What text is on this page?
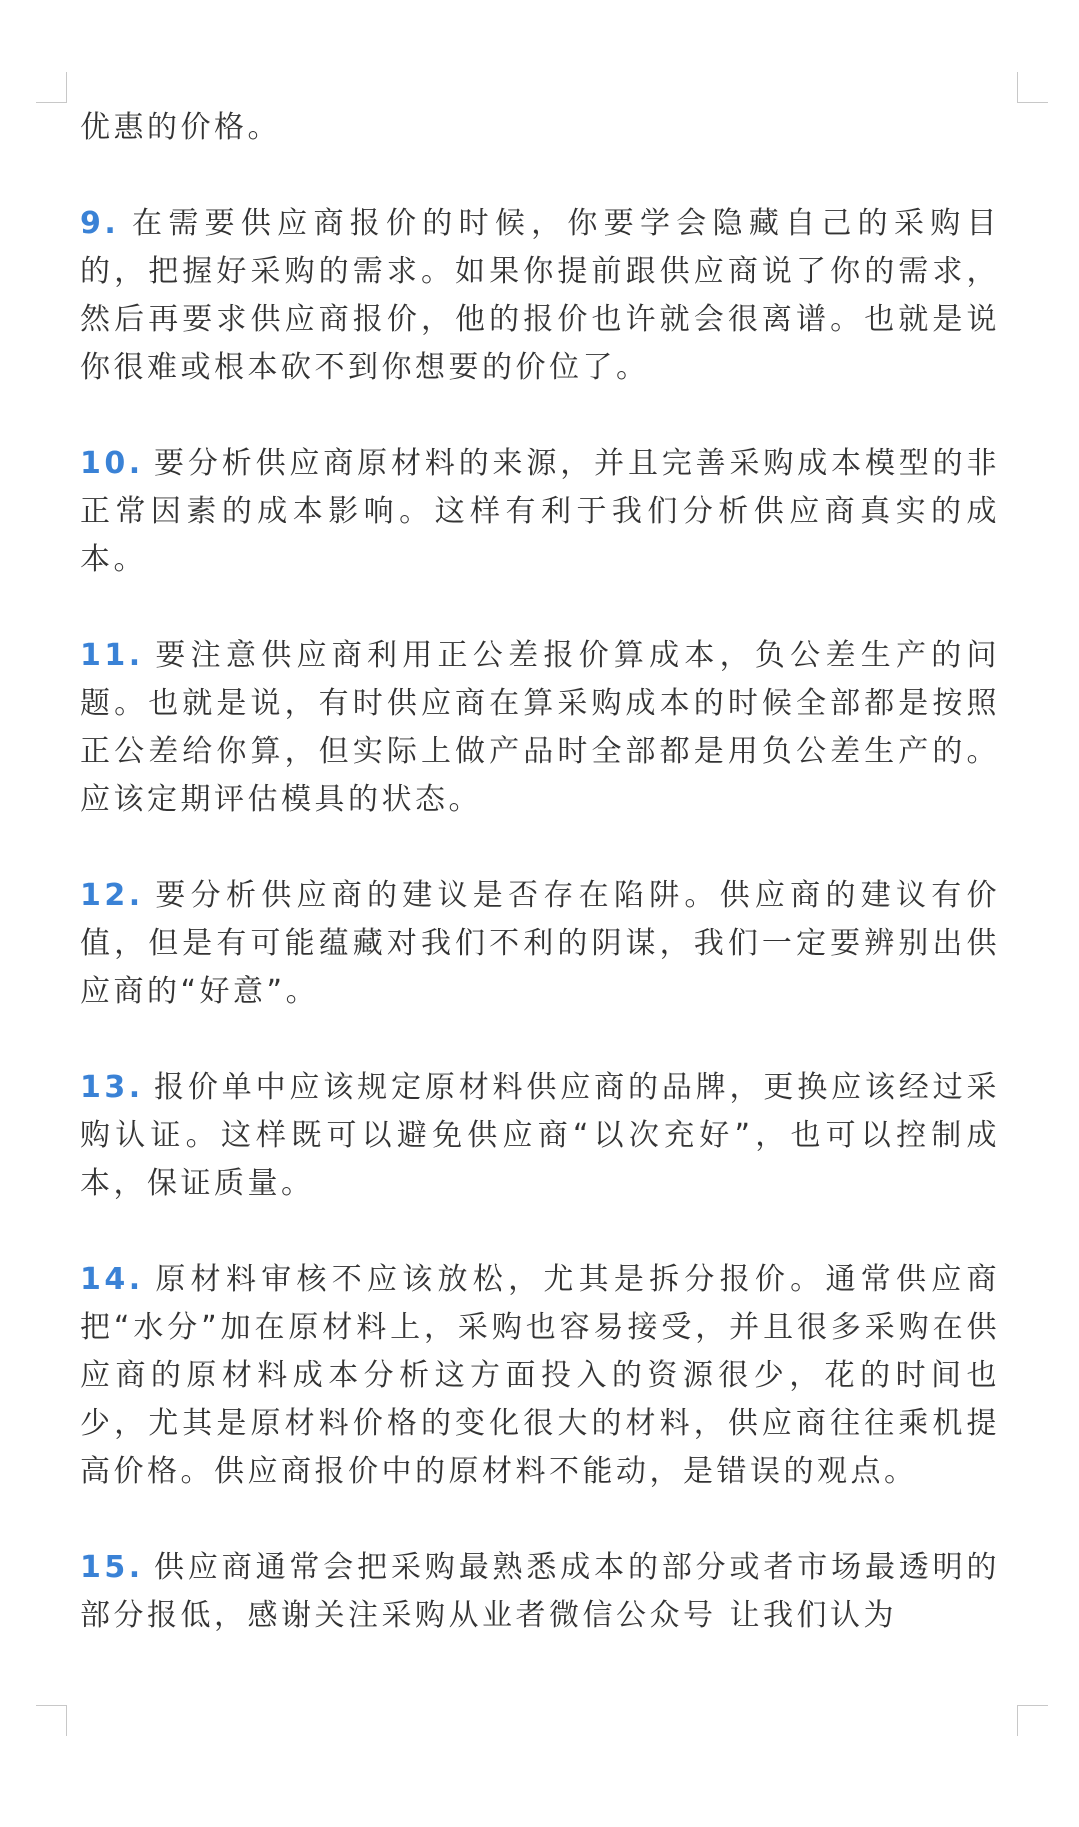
优惠的价格。

9. 在需要供应商报价的时候，你要学会隐藏自己的采购目的，把握好采购的需求。如果你提前跟供应商说了你的需求，然后再要求供应商报价，他的报价也许就会很离谱。也就是说你很难或根本砍不到你想要的价位了。

10. 要分析供应商原材料的来源，并且完善采购成本模型的非正常因素的成本影响。这样有利于我们分析供应商真实的成本。

11. 要注意供应商利用正公差报价算成本，负公差生产的问题。也就是说，有时供应商在算采购成本的时候全部都是按照正公差给你算，但实际上做产品时全部都是用负公差生产的。应该定期评估模具的状态。

12. 要分析供应商的建议是否存在陷阱。供应商的建议有价值，但是有可能蕴藏对我们不利的阴谋，我们一定要辨别出供应商的“好意”。

13. 报价单中应该规定原材料供应商的品牌，更换应该经过采购认证。这样既可以避免供应商“以次充好”，也可以控制成本，保证质量。

14. 原材料审核不应该放松，尤其是拆分报价。通常供应商把“水分”加在原材料上，采购也容易接受，并且很多采购在供应商的原材料成本分析这方面投入的资源很少，花的时间也少，尤其是原材料价格的变化很大的材料，供应商往往乘机提高价格。供应商报价中的原材料不能动，是错误的观点。

15. 供应商通常会把采购最熟悉成本的部分或者市场最透明的部分报低，感谢关注采购从业者微信公众号 让我们认为
